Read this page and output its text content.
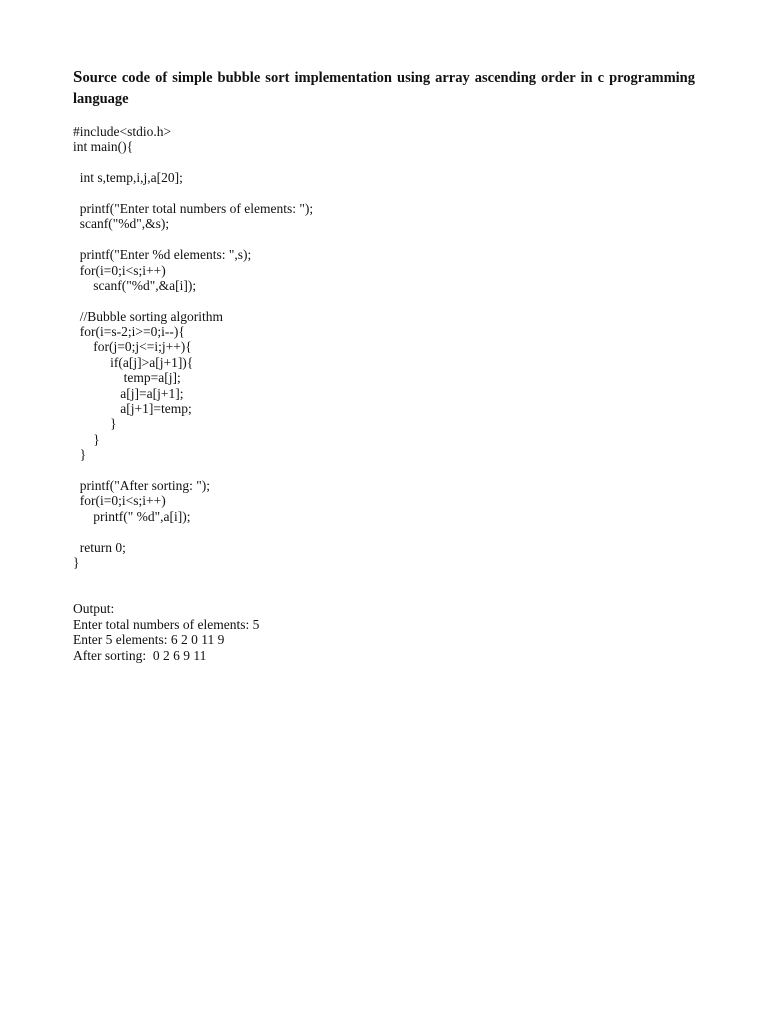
Source code of simple bubble sort implementation using array ascending order in c programming language

#include<stdio.h>
int main(){
int s,temp,i,j,a[20];
printf("Enter total numbers of elements: ");
scanf("%d",&s);
printf("Enter %d elements: ",s);
for(i=0;i<s;i++)
scanf("%d",&a[i]);
//Bubble sorting algorithm
for(i=s-2;i>=0;i--){
for(j=0;j<=i;j++){
if(a[j]>a[j+1]){
temp=a[j];
a[j]=a[j+1];
a[j+1]=temp;
}
}
}
printf("After sorting: ");
for(i=0;i<s;i++)
printf(" %d",a[i]);
return 0;
}
Output:
Enter total numbers of elements: 5
Enter 5 elements: 6 2 0 11 9
After sorting:  0 2 6 9 11
